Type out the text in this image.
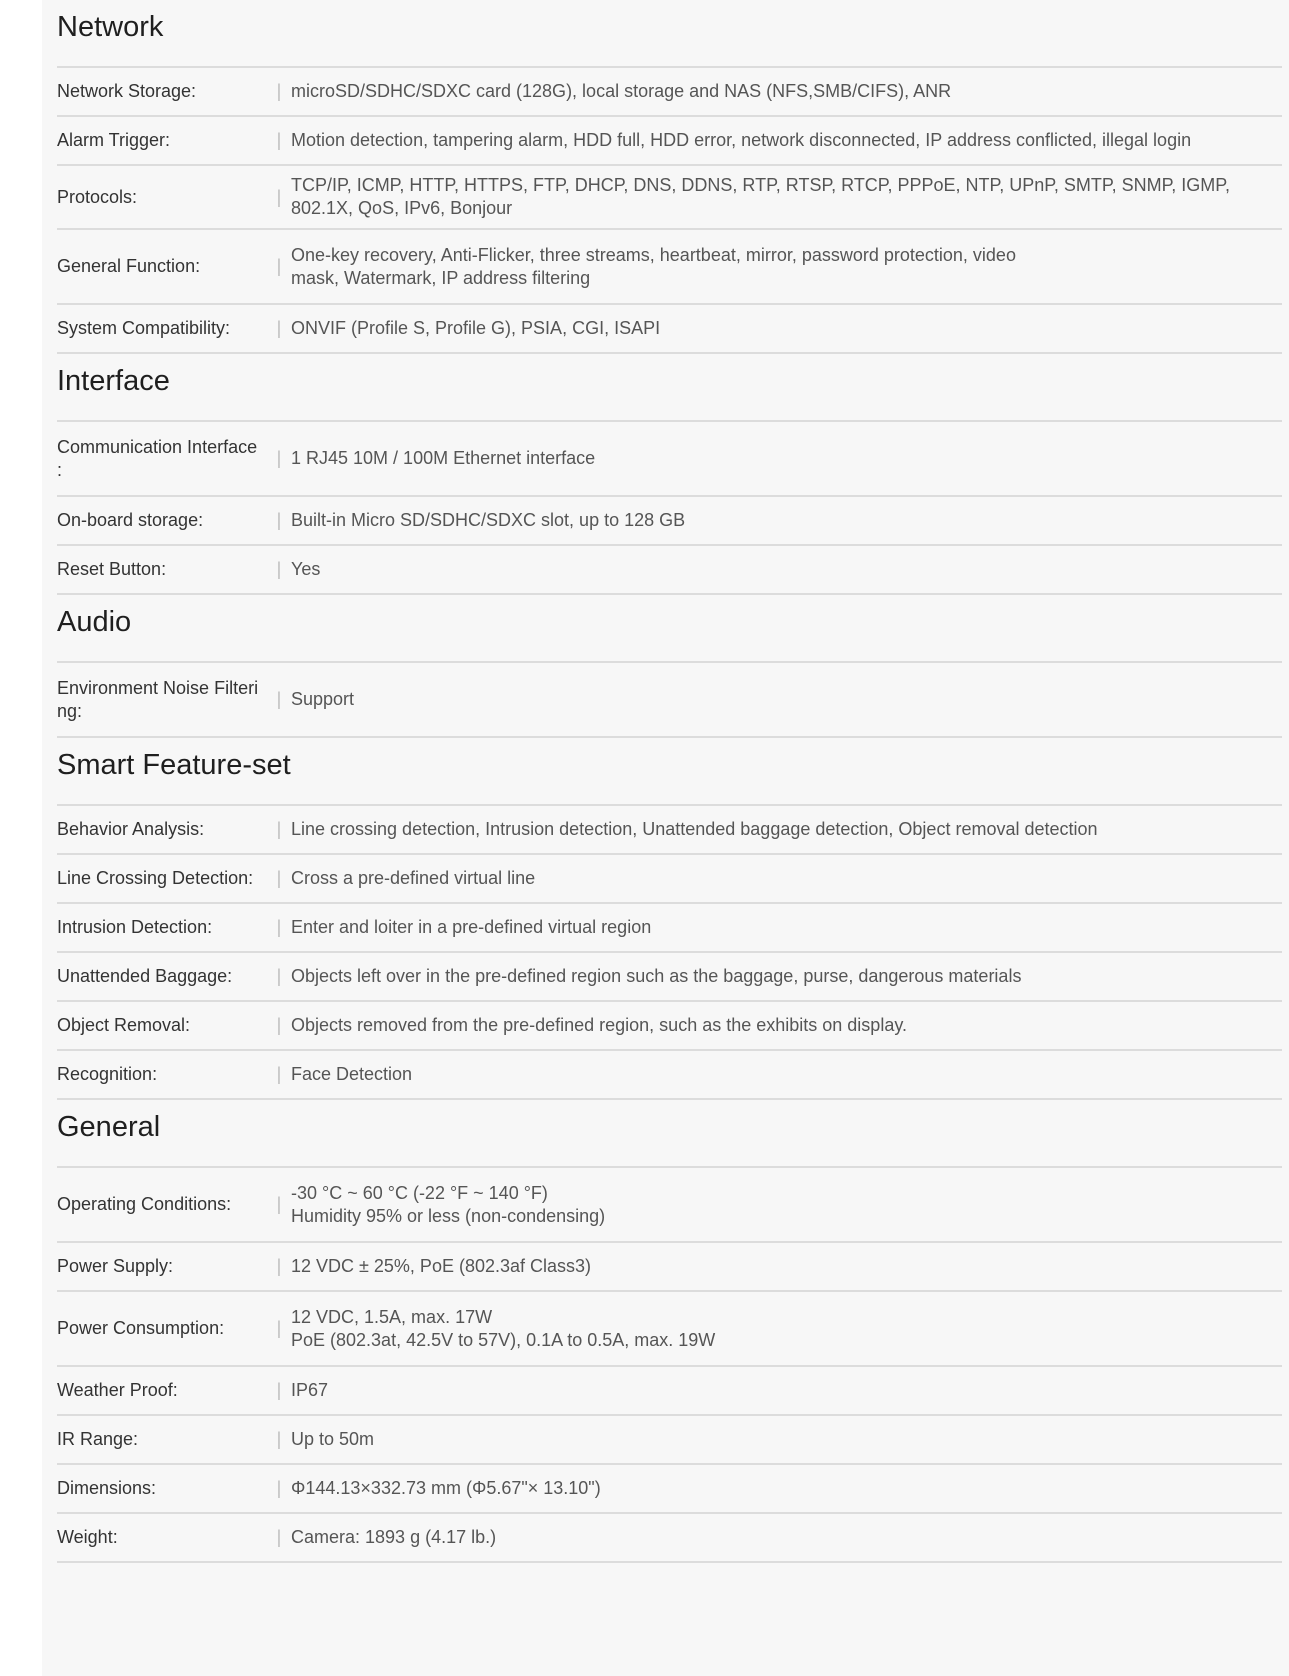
Network
Network Storage:	| microSD/SDHC/SDXC card (128G), local storage and NAS (NFS,SMB/CIFS), ANR
Alarm Trigger:	| Motion detection, tampering alarm, HDD full, HDD error, network disconnected, IP address conflicted, illegal login
Protocols:	|
TCP/IP, ICMP, HTTP, HTTPS, FTP, DHCP, DNS, DDNS, RTP, RTSP, RTCP, PPPoE, NTP, UPnP, SMTP, SNMP, IGMP, 802.1X, QoS, IPv6, Bonjour
General Function:	|
One-key recovery, Anti-Flicker, three streams, heartbeat, mirror, password protection, video
mask, Watermark, IP address filtering
System Compatibility:	| ONVIF (Profile S, Profile G), PSIA, CGI, ISAPI
Interface
Communication Interface :
| 1 RJ45 10M / 100M Ethernet interface
On-board storage:	| Built-in Micro SD/SDHC/SDXC slot, up to 128 GB
Reset Button:	| Yes
Audio
Environment Noise Filtering:
| Support
Smart Feature-set
Behavior Analysis:	| Line crossing detection, Intrusion detection, Unattended baggage detection, Object removal detection
Line Crossing Detection:	| Cross a pre-defined virtual line
Intrusion Detection:	| Enter and loiter in a pre-defined virtual region
Unattended Baggage:	| Objects left over in the pre-defined region such as the baggage, purse, dangerous materials
Object Removal:	| Objects removed from the pre-defined region, such as the exhibits on display.
Recognition:	| Face Detection
General
Operating Conditions:	|
-30 °C ~ 60 °C (-22 °F ~ 140 °F)
Humidity 95% or less (non-condensing)
Power Supply:	| 12 VDC ± 25%, PoE (802.3af Class3)
Power Consumption:	|
12 VDC, 1.5A, max. 17W
PoE (802.3at, 42.5V to 57V), 0.1A to 0.5A, max. 19W
Weather Proof:	| IP67
IR Range:	| Up to 50m
Dimensions:	| Φ144.13×332.73 mm (Φ5.67"× 13.10")
Weight:	| Camera: 1893 g (4.17 lb.)
